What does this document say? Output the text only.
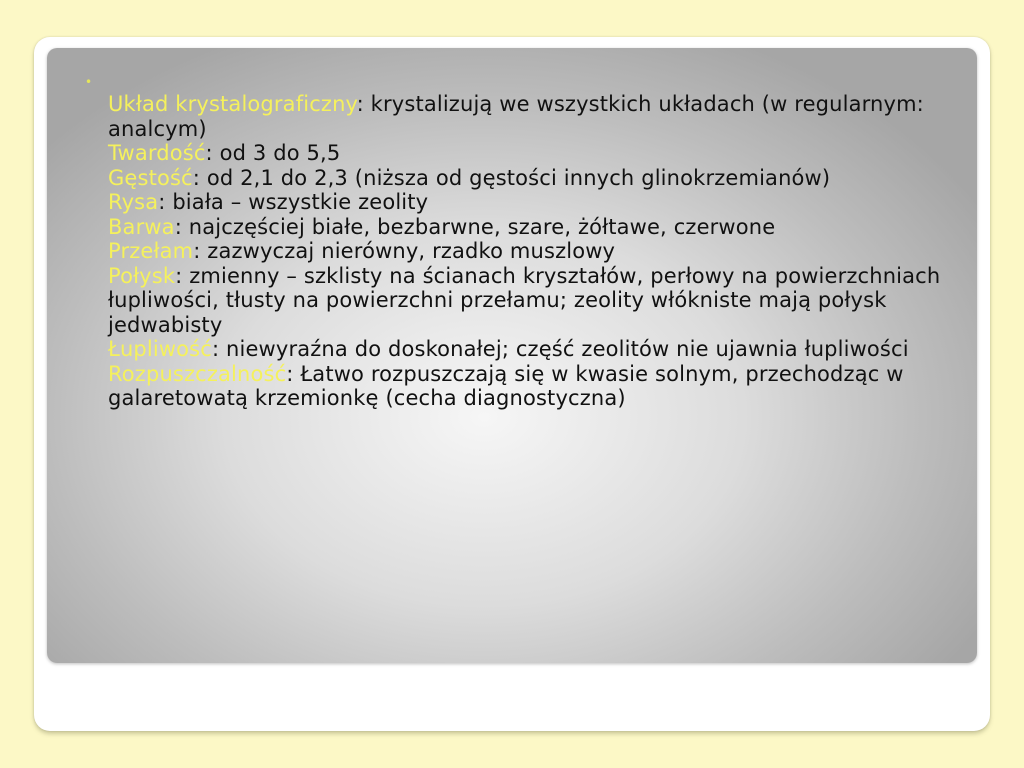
•

Układ krystalograficzny: krystalizują we wszystkich układach (w regularnym: analcym)

Twardość: od 3 do 5,5

Gęstość: od 2,1 do 2,3 (niższa od gęstości innych glinokrzemianów)

Rysa: biała – wszystkie zeolity

Barwa: najczęściej białe, bezbarwne, szare, żółtawe, czerwone

Przełam: zazwyczaj nierówny, rzadko muszlowy

Połysk: zmienny – szklisty na ścianach kryształów, perłowy na powierzchniach łupliwości, tłusty na powierzchni przełamu; zeolity włókniste mają połysk jedwabisty

Łupliwość: niewyraźna do doskonałej; część zeolitów nie ujawnia łupliwości

Rozpuszczalność: Łatwo rozpuszczają się w kwasie solnym, przechodząc w galaretowatą krzemionkę (cecha diagnostyczna)
